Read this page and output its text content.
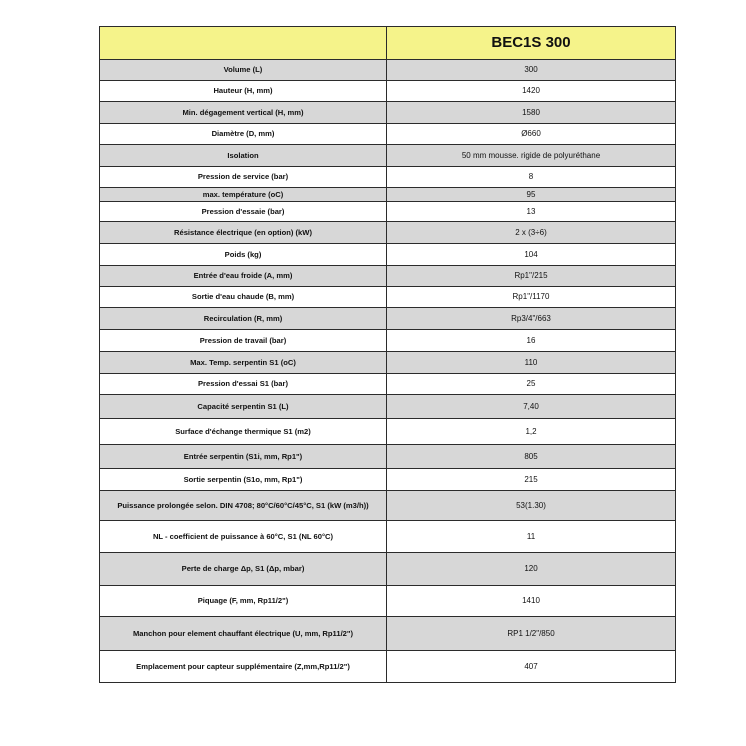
	BEC1S 300
Volume (L)	300
Hauteur (H, mm)	1420
Min. dégagement vertical (H, mm)	1580
Diamètre (D, mm)	Ø660
Isolation	50 mm mousse. rigide de polyuréthane
Pression de service (bar)	8
max. température (oC)	95
Pression d'essaie (bar)	13
Résistance électrique (en option) (kW)	2 x (3÷6)
Poids (kg)	104
Entrée d'eau froide (A, mm)	Rp1"/215
Sortie d'eau chaude (B, mm)	Rp1"/1170
Recirculation (R, mm)	Rp3/4"/663
Pression de travail (bar)	16
Max. Temp. serpentin S1 (oC)	110
Pression d'essai S1 (bar)	25
Capacité serpentin S1 (L)	7,40
Surface d'échange thermique S1 (m2)	1,2
Entrée serpentin (S1i, mm, Rp1")	805
Sortie serpentin (S1o, mm, Rp1")	215
Puissance prolongée selon. DIN 4708; 80°C/60°C/45°C, S1 (kW (m3/h))	53(1.30)
NL - coefficient de puissance à 60°C, S1 (NL 60°C)	11
Perte de charge Δp, S1 (Δp, mbar)	120
Piquage (F, mm, Rp11/2")	1410
Manchon pour element chauffant électrique (U, mm, Rp11/2")	RP1 1/2"/850
Emplacement pour capteur supplémentaire (Z,mm,Rp11/2")	407
